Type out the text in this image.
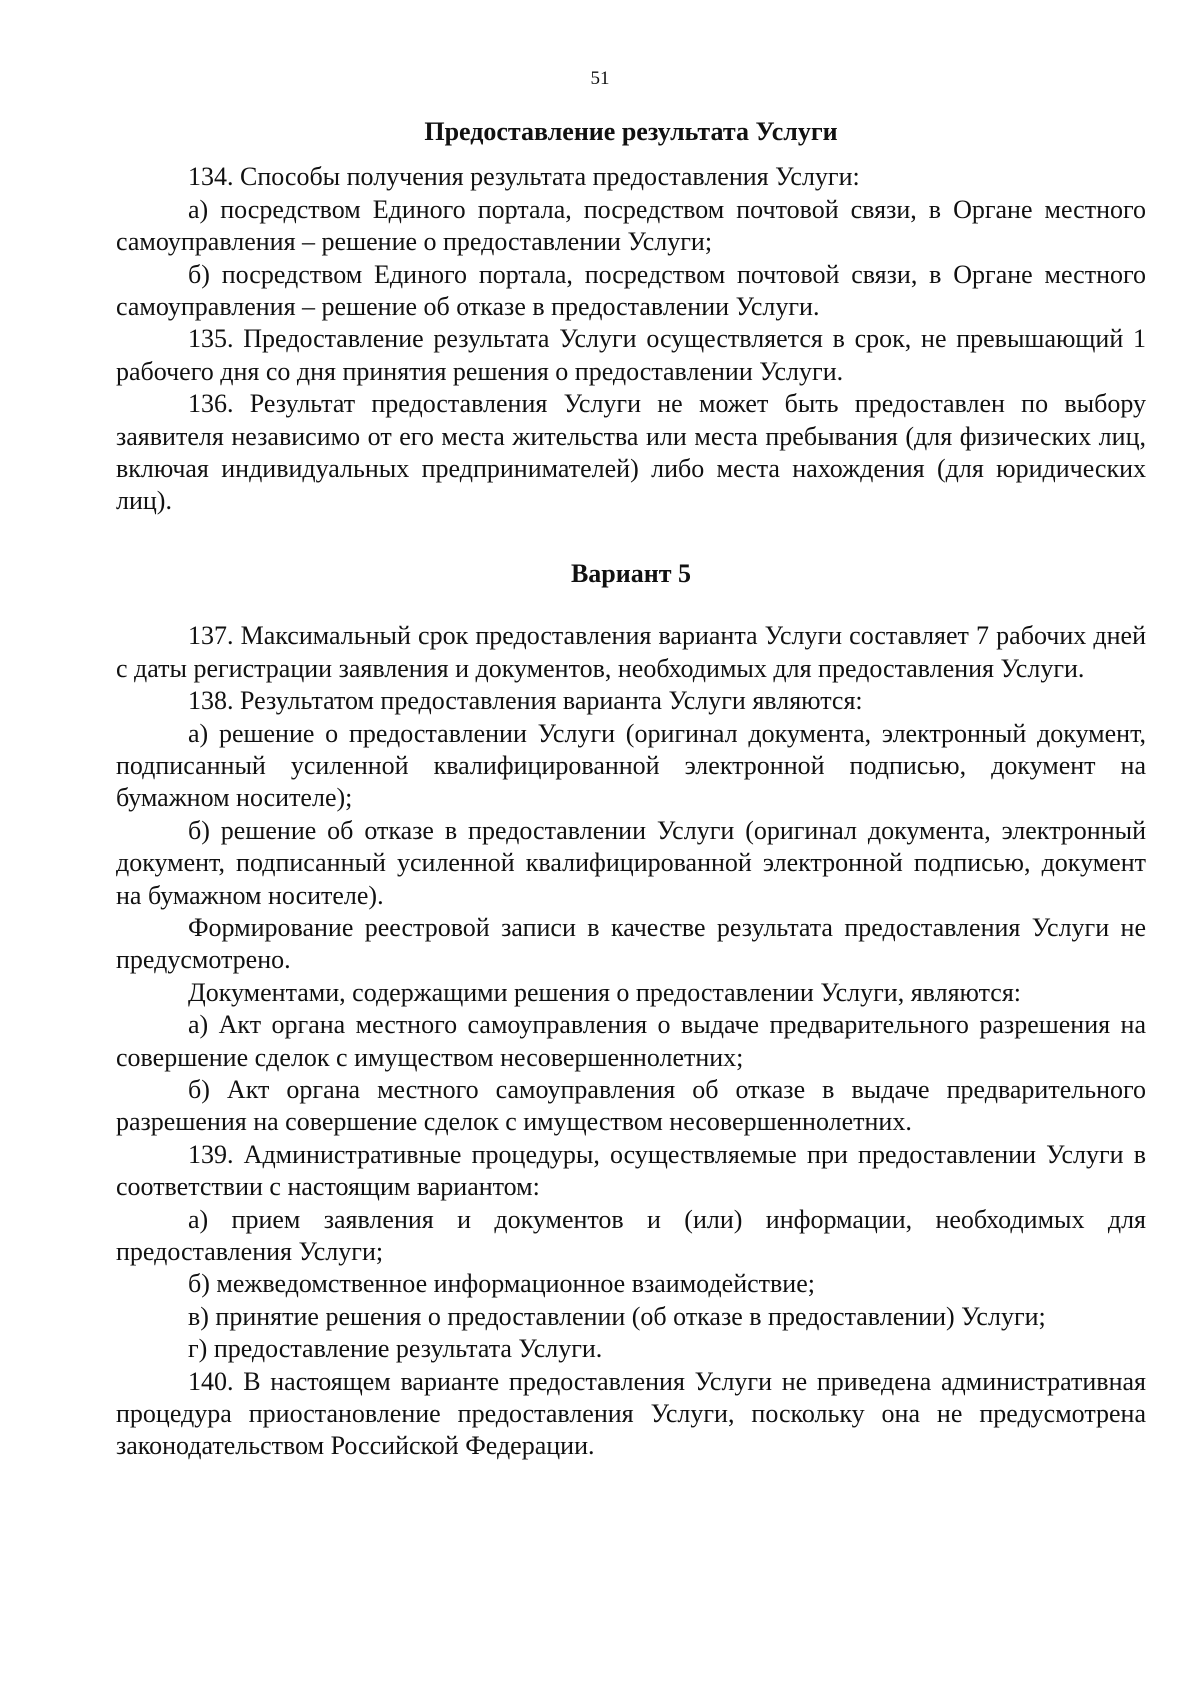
51
Предоставление результата Услуги

134. Способы получения результата предоставления Услуги:

а) посредством Единого портала, посредством почтовой связи, в Органе местного самоуправления – решение о предоставлении Услуги;

б) посредством Единого портала, посредством почтовой связи, в Органе местного самоуправления – решение об отказе в предоставлении Услуги.

135. Предоставление результата Услуги осуществляется в срок, не превышающий 1 рабочего дня со дня принятия решения о предоставлении Услуги.

136. Результат предоставления Услуги не может быть предоставлен по выбору заявителя независимо от его места жительства или места пребывания (для физических лиц, включая индивидуальных предпринимателей) либо места нахождения (для юридических лиц).

Вариант 5

137. Максимальный срок предоставления варианта Услуги составляет 7 рабочих дней с даты регистрации заявления и документов, необходимых для предоставления Услуги.

138. Результатом предоставления варианта Услуги являются:

а) решение о предоставлении Услуги (оригинал документа, электронный документ, подписанный усиленной квалифицированной электронной подписью, документ на бумажном носителе);

б) решение об отказе в предоставлении Услуги (оригинал документа, электронный документ, подписанный усиленной квалифицированной электронной подписью, документ на бумажном носителе).

Формирование реестровой записи в качестве результата предоставления Услуги не предусмотрено.

Документами, содержащими решения о предоставлении Услуги, являются:

а) Акт органа местного самоуправления о выдаче предварительного разрешения на совершение сделок с имуществом несовершеннолетних;

б) Акт органа местного самоуправления об отказе в выдаче предварительного разрешения на совершение сделок с имуществом несовершеннолетних.

139. Административные процедуры, осуществляемые при предоставлении Услуги в соответствии с настоящим вариантом:

а) прием заявления и документов и (или) информации, необходимых для предоставления Услуги;

б) межведомственное информационное взаимодействие;

в) принятие решения о предоставлении (об отказе в предоставлении) Услуги;

г) предоставление результата Услуги.

140. В настоящем варианте предоставления Услуги не приведена административная процедура приостановление предоставления Услуги, поскольку она не предусмотрена законодательством Российской Федерации.
